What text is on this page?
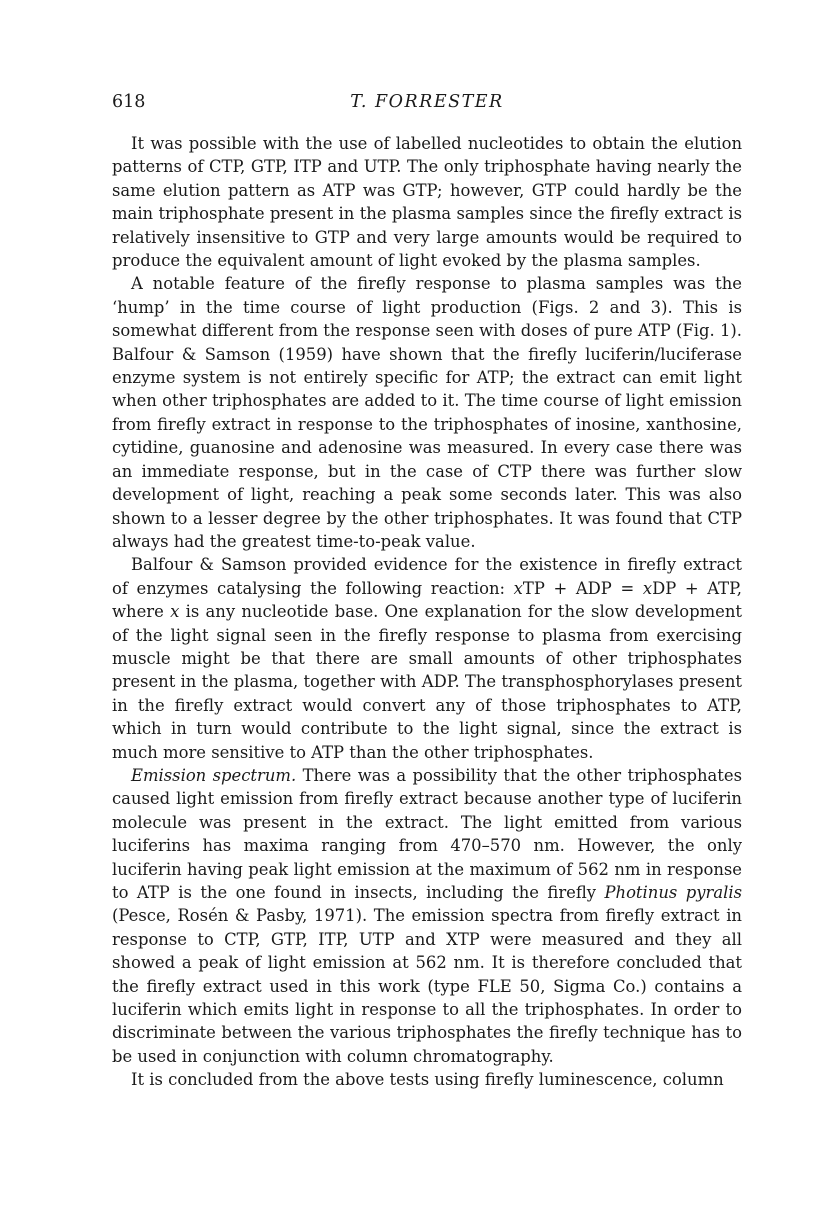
618	T. FORRESTER

It was possible with the use of labelled nucleotides to obtain the elution patterns of CTP, GTP, ITP and UTP. The only triphosphate having nearly the same elution pattern as ATP was GTP; however, GTP could hardly be the main triphosphate present in the plasma samples since the firefly extract is relatively insensitive to GTP and very large amounts would be required to produce the equivalent amount of light evoked by the plasma samples.

A notable feature of the firefly response to plasma samples was the ‘hump’ in the time course of light production (Figs. 2 and 3). This is somewhat different from the response seen with doses of pure ATP (Fig. 1). Balfour & Samson (1959) have shown that the firefly luciferin/luciferase enzyme system is not entirely specific for ATP; the extract can emit light when other triphosphates are added to it. The time course of light emission from firefly extract in response to the triphosphates of inosine, xanthosine, cytidine, guanosine and adenosine was measured. In every case there was an immediate response, but in the case of CTP there was further slow development of light, reaching a peak some seconds later. This was also shown to a lesser degree by the other triphosphates. It was found that CTP always had the greatest time-to-peak value.

Balfour & Samson provided evidence for the existence in firefly extract of enzymes catalysing the following reaction: xTP + ADP = xDP + ATP, where x is any nucleotide base. One explanation for the slow development of the light signal seen in the firefly response to plasma from exercising muscle might be that there are small amounts of other triphosphates present in the plasma, together with ADP. The transphosphorylases present in the firefly extract would convert any of those triphosphates to ATP, which in turn would contribute to the light signal, since the extract is much more sensitive to ATP than the other triphosphates.

Emission spectrum. There was a possibility that the other triphosphates caused light emission from firefly extract because another type of luciferin molecule was present in the extract. The light emitted from various luciferins has maxima ranging from 470–570 nm. However, the only luciferin having peak light emission at the maximum of 562 nm in response to ATP is the one found in insects, including the firefly Photinus pyralis (Pesce, Rosén & Pasby, 1971). The emission spectra from firefly extract in response to CTP, GTP, ITP, UTP and XTP were measured and they all showed a peak of light emission at 562 nm. It is therefore concluded that the firefly extract used in this work (type FLE 50, Sigma Co.) contains a luciferin which emits light in response to all the triphosphates. In order to discriminate between the various triphosphates the firefly technique has to be used in conjunction with column chromatography.

It is concluded from the above tests using firefly luminescence, column
